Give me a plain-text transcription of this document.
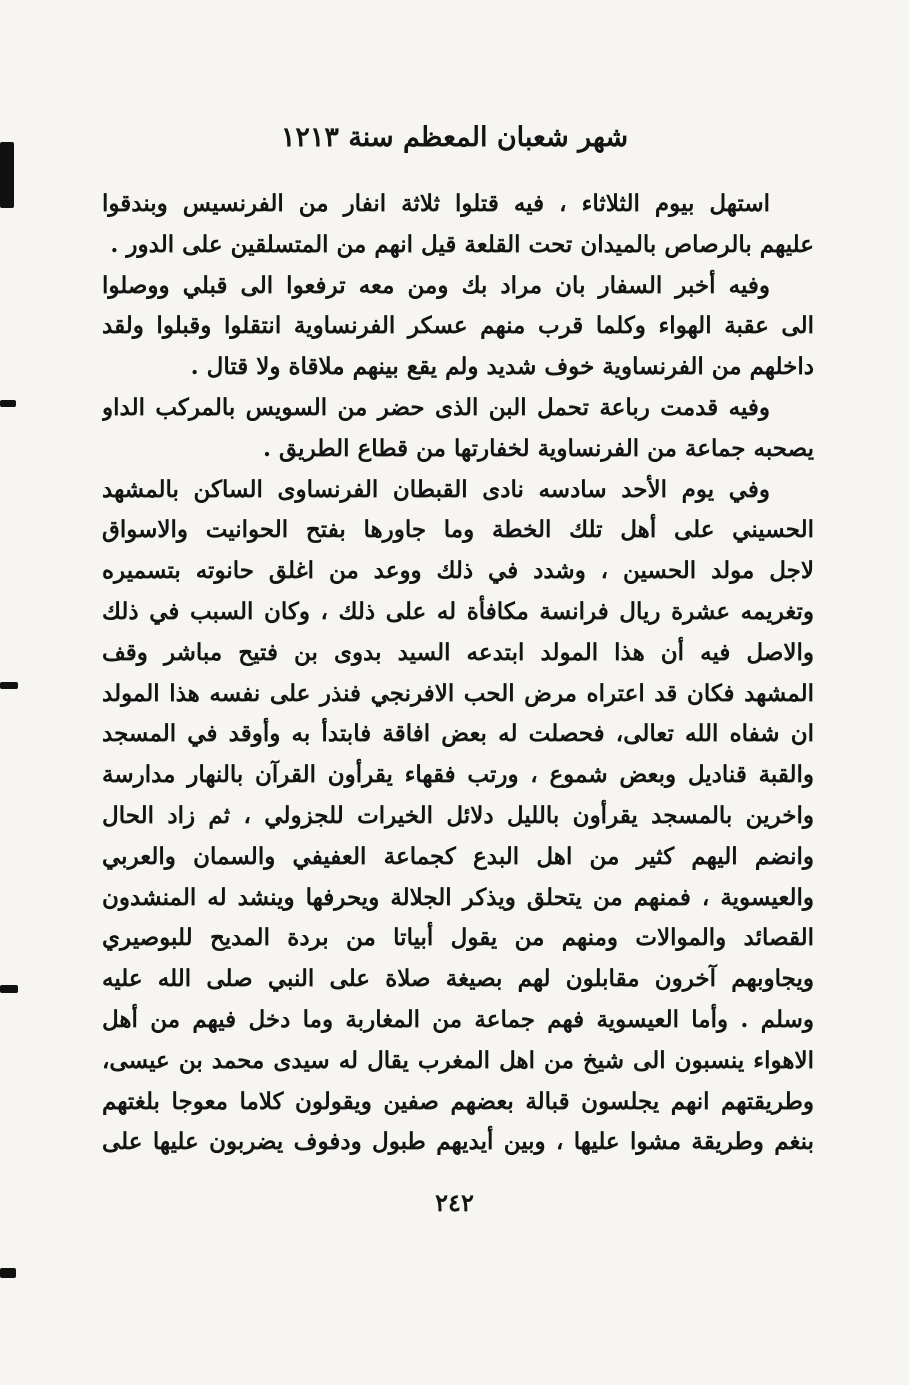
شهر شعبان المعظم سنة ١٢١٣
استهل بيوم الثلاثاء ، فيه قتلوا ثلاثة انفار من الفرنسيس وبندقوا
عليهم بالرصاص بالميدان تحت القلعة قيل انهم من المتسلقين على الدور .
وفيه أخبر السفار بان مراد بك ومن معه ترفعوا الى قبلي ووصلوا
الى عقبة الهواء وكلما قرب منهم عسكر الفرنساوية انتقلوا وقبلوا ولقد
داخلهم من الفرنساوية خوف شديد ولم يقع بينهم ملاقاة ولا قتال .
وفيه قدمت رباعة تحمل البن الذى حضر من السويس بالمركب الداو
يصحبه جماعة من الفرنساوية لخفارتها من قطاع الطريق .
وفي يوم الأحد سادسه نادى القبطان الفرنساوى الساكن بالمشهد
الحسيني على أهل تلك الخطة وما جاورها بفتح الحوانيت والاسواق
لاجل مولد الحسين ، وشدد في ذلك ووعد من اغلق حانوته بتسميره
وتغريمه عشرة ريال فرانسة مكافأة له على ذلك ، وكان السبب في ذلك
والاصل فيه أن هذا المولد ابتدعه السيد بدوى بن فتيح مباشر وقف
المشهد فكان قد اعتراه مرض الحب الافرنجي فنذر على نفسه هذا المولد
ان شفاه الله تعالى، فحصلت له بعض افاقة فابتدأ به وأوقد في المسجد
والقبة قناديل وبعض شموع ، ورتب فقهاء يقرأون القرآن بالنهار مدارسة
واخرين بالمسجد يقرأون بالليل دلائل الخيرات للجزولي ، ثم زاد الحال
وانضم اليهم كثير من اهل البدع كجماعة العفيفي والسمان والعربي
والعيسوية ، فمنهم من يتحلق ويذكر الجلالة ويحرفها وينشد له المنشدون
القصائد والموالات ومنهم من يقول أبياتا من بردة المديح للبوصيري
ويجاوبهم آخرون مقابلون لهم بصيغة صلاة على النبي صلى الله عليه
وسلم . وأما العيسوية فهم جماعة من المغاربة وما دخل فيهم من أهل
الاهواء ينسبون الى شيخ من اهل المغرب يقال له سيدى محمد بن عيسى،
وطريقتهم انهم يجلسون قبالة بعضهم صفين ويقولون كلاما معوجا بلغتهم
بنغم وطريقة مشوا عليها ، وبين أيديهم طبول ودفوف يضربون عليها على
٢٤٢
